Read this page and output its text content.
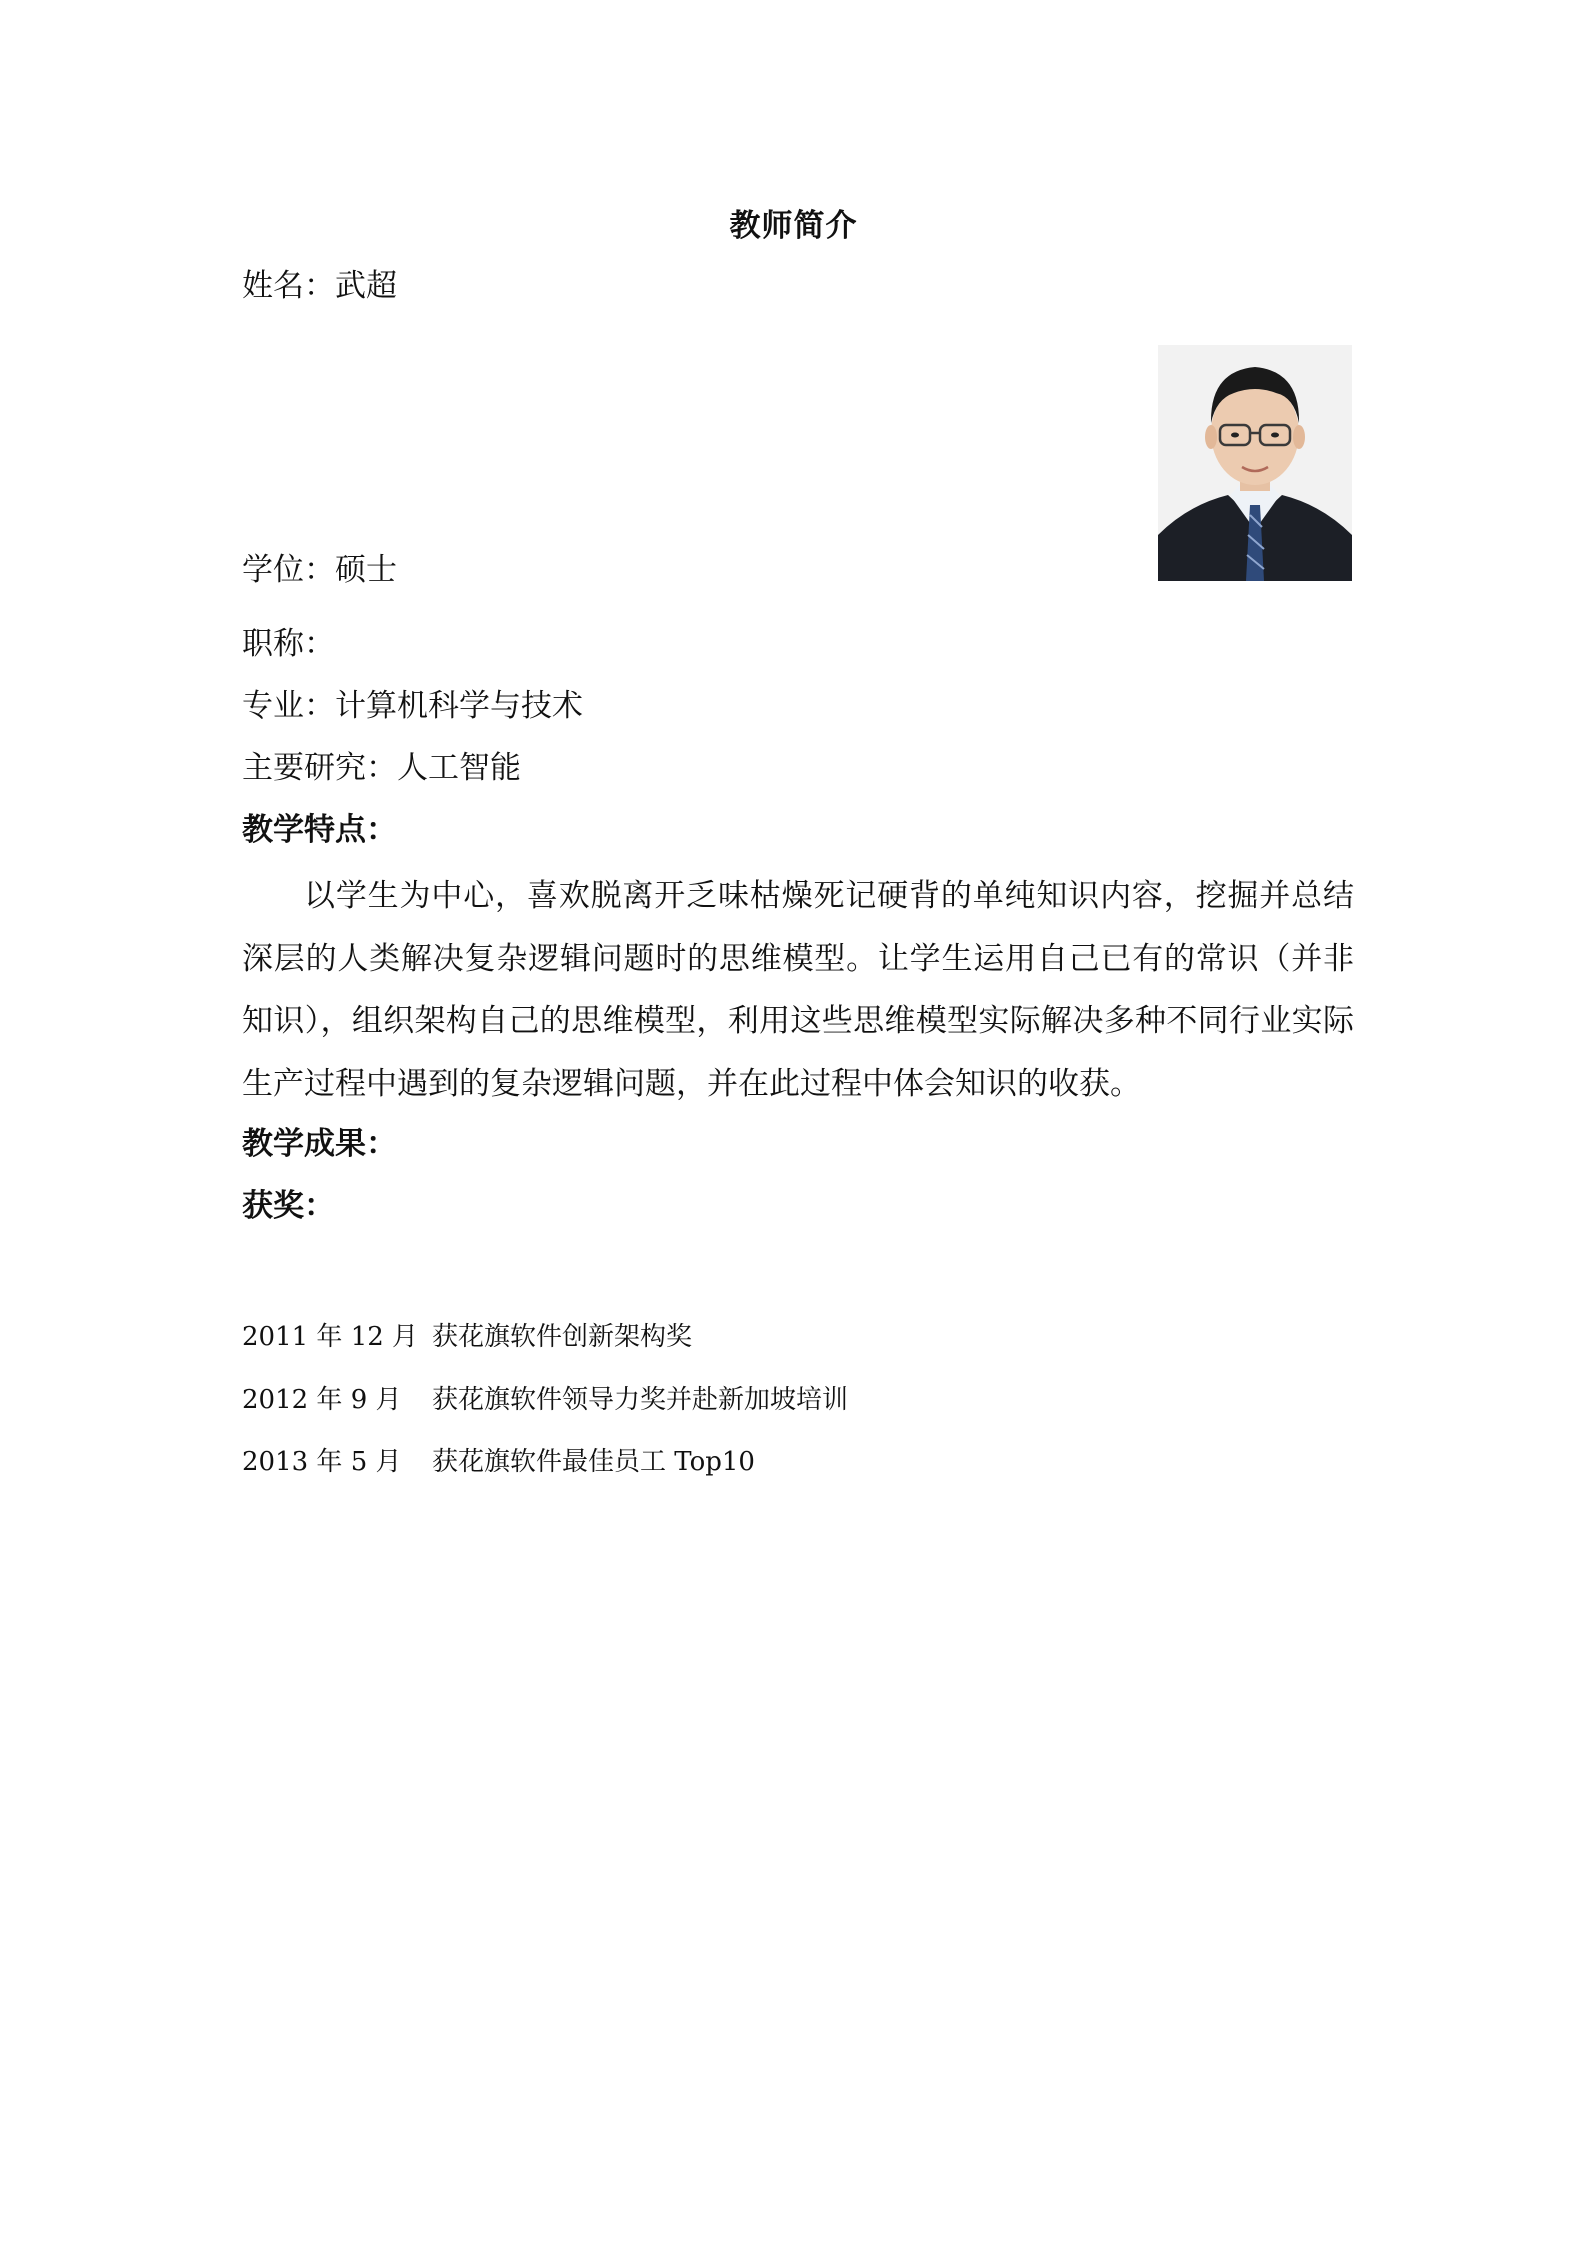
教师简介
姓名：武超
学位：硕士
职称：
专业：计算机科学与技术
主要研究：人工智能
教学特点：
以学生为中心，喜欢脱离开乏味枯燥死记硬背的单纯知识内容，挖掘并总结深层的人类解决复杂逻辑问题时的思维模型。让学生运用自己已有的常识（并非知识），组织架构自己的思维模型，利用这些思维模型实际解决多种不同行业实际生产过程中遇到的复杂逻辑问题，并在此过程中体会知识的收获。
教学成果：
获奖：
2011 年 12 月 获花旗软件创新架构奖
2012 年 9 月 获花旗软件领导力奖并赴新加坡培训
2013 年 5 月 获花旗软件最佳员工 Top10
